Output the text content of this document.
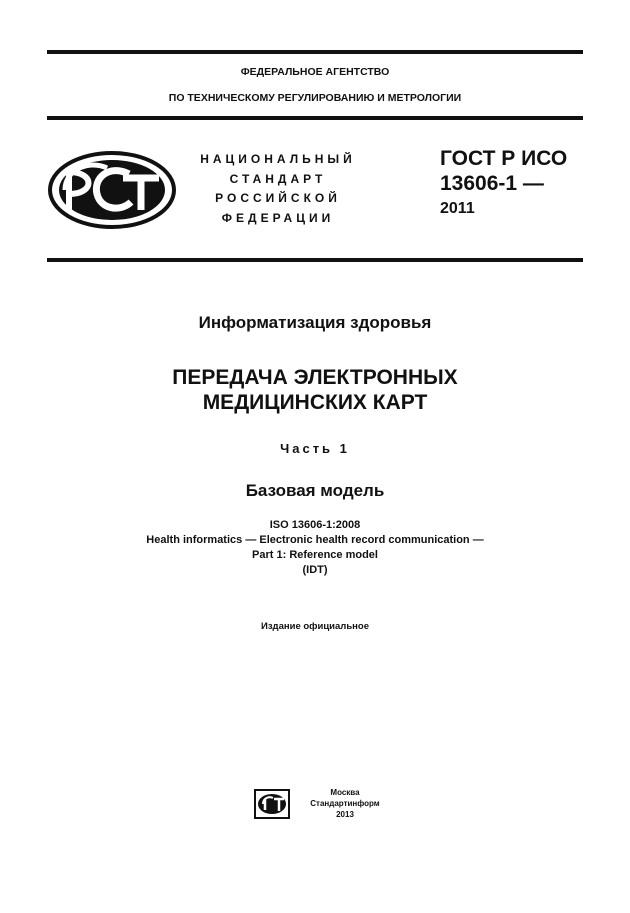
ФЕДЕРАЛЬНОЕ АГЕНТСТВО
ПО ТЕХНИЧЕСКОМУ РЕГУЛИРОВАНИЮ И МЕТРОЛОГИИ
НАЦИОНАЛЬНЫЙ
СТАНДАРТ
РОССИЙСКОЙ
ФЕДЕРАЦИИ
ГОСТ Р ИСО
13606-1 —
2011
Информатизация здоровья
ПЕРЕДАЧА ЭЛЕКТРОННЫХ
МЕДИЦИНСКИХ КАРТ
Часть 1
Базовая модель
ISO 13606-1:2008
Health informatics — Electronic health record communication —
Part 1: Reference model
(IDT)
Издание официальное
Москва
Стандартинформ
2013
